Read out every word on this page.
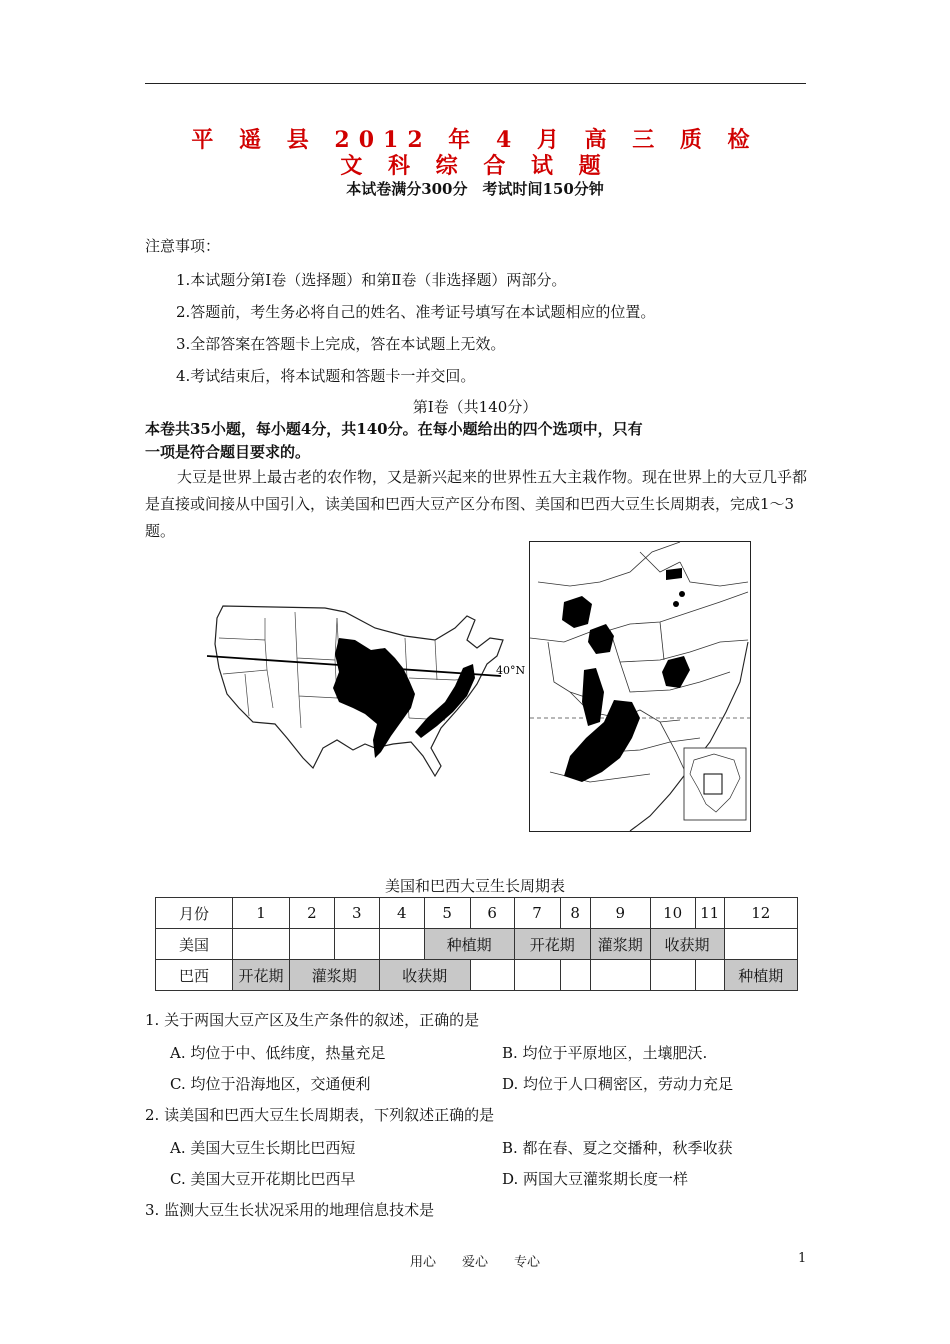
平 遥 县 2012 年 4 月 高 三 质 检
文 科 综 合 试 题
本试卷满分300分　考试时间150分钟
注意事项：
1.本试题分第Ⅰ卷（选择题）和第Ⅱ卷（非选择题）两部分。
2.答题前，考生务必将自己的姓名、准考证号填写在本试题相应的位置。
3.全部答案在答题卡上完成，答在本试题上无效。
4.考试结束后，将本试题和答题卡一并交回。
第Ⅰ卷（共140分）
本卷共35小题，每小题4分，共140分。在每小题给出的四个选项中，只有
一项是符合题目要求的。
大豆是世界上最古老的农作物，又是新兴起来的世界性五大主栽作物。现在世界上的大豆几乎都是直接或间接从中国引入，读美国和巴西大豆产区分布图、美国和巴西大豆生长周期表，完成1～3题。
40°N
美国和巴西大豆生长周期表
月份	1	2	3	4	5	6	7	8	9	10	11	12
美国					种植期		开花期		灌浆期	收获期		
巴西	开花期	灌浆期		收获期								种植期
1. 关于两国大豆产区及生产条件的叙述，正确的是
A. 均位于中、低纬度，热量充足	B. 均位于平原地区，土壤肥沃.
C. 均位于沿海地区，交通便利	D. 均位于人口稠密区，劳动力充足
2. 读美国和巴西大豆生长周期表，下列叙述正确的是
A. 美国大豆生长期比巴西短	B. 都在春、夏之交播种，秋季收获
C. 美国大豆开花期比巴西早	D. 两国大豆灌浆期长度一样
3. 监测大豆生长状况采用的地理信息技术是
用心　　爱心　　专心	1
